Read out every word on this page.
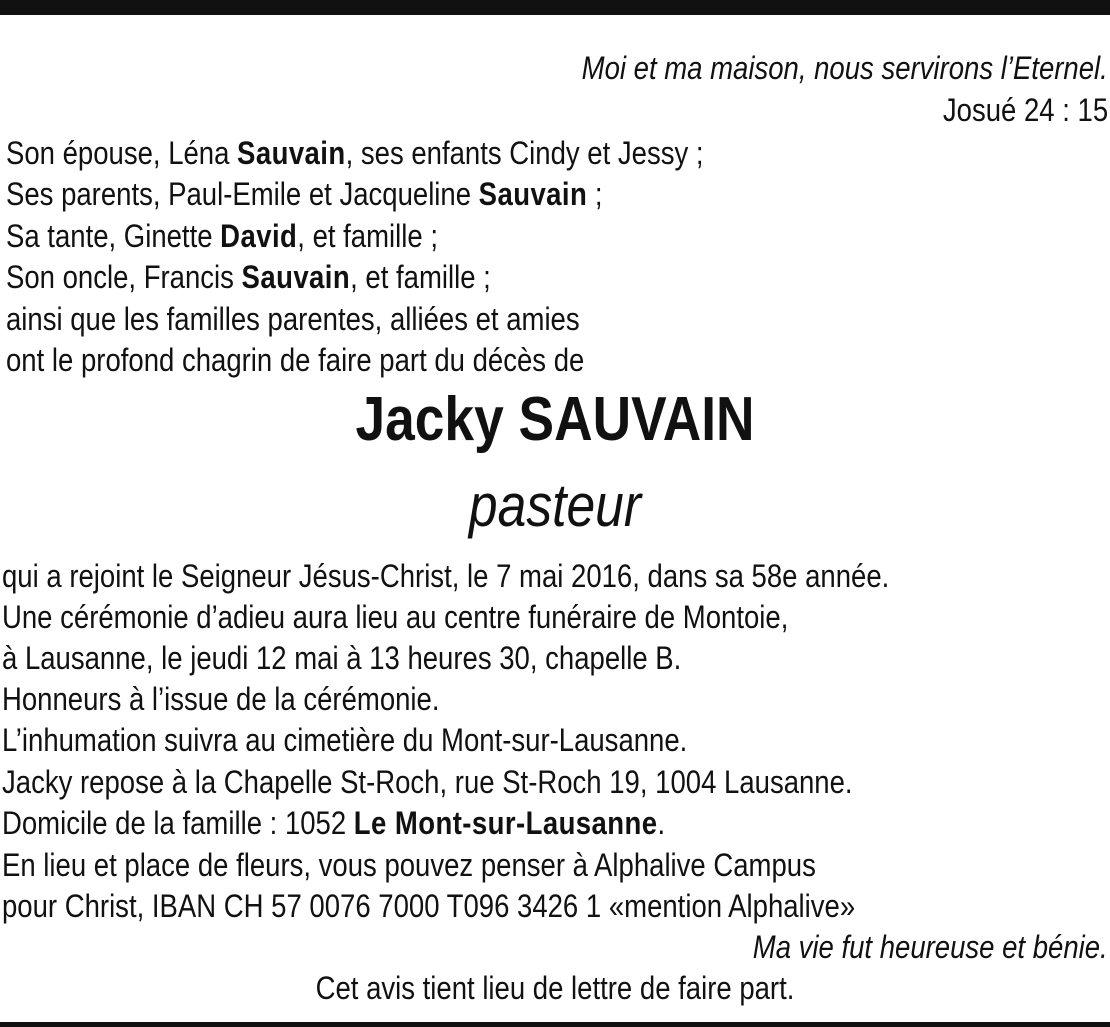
Moi et ma maison, nous servirons l’Eternel.
Josué 24 : 15
Son épouse, Léna Sauvain, ses enfants Cindy et Jessy ;
Ses parents, Paul-Emile et Jacqueline Sauvain ;
Sa tante, Ginette David, et famille ;
Son oncle, Francis Sauvain, et famille ;
ainsi que les familles parentes, alliées et amies
ont le profond chagrin de faire part du décès de
Jacky SAUVAIN
pasteur
qui a rejoint le Seigneur Jésus-Christ, le 7 mai 2016, dans sa 58e année.
Une cérémonie d’adieu aura lieu au centre funéraire de Montoie,
à Lausanne, le jeudi 12 mai à 13 heures 30, chapelle B.
Honneurs à l’issue de la cérémonie.
L’inhumation suivra au cimetière du Mont-sur-Lausanne.
Jacky repose à la Chapelle St-Roch, rue St-Roch 19, 1004 Lausanne.
Domicile de la famille : 1052 Le Mont-sur-Lausanne.
En lieu et place de fleurs, vous pouvez penser à Alphalive Campus
pour Christ, IBAN CH 57 0076 7000 T096 3426 1 «mention Alphalive»
Ma vie fut heureuse et bénie.
Cet avis tient lieu de lettre de faire part.
